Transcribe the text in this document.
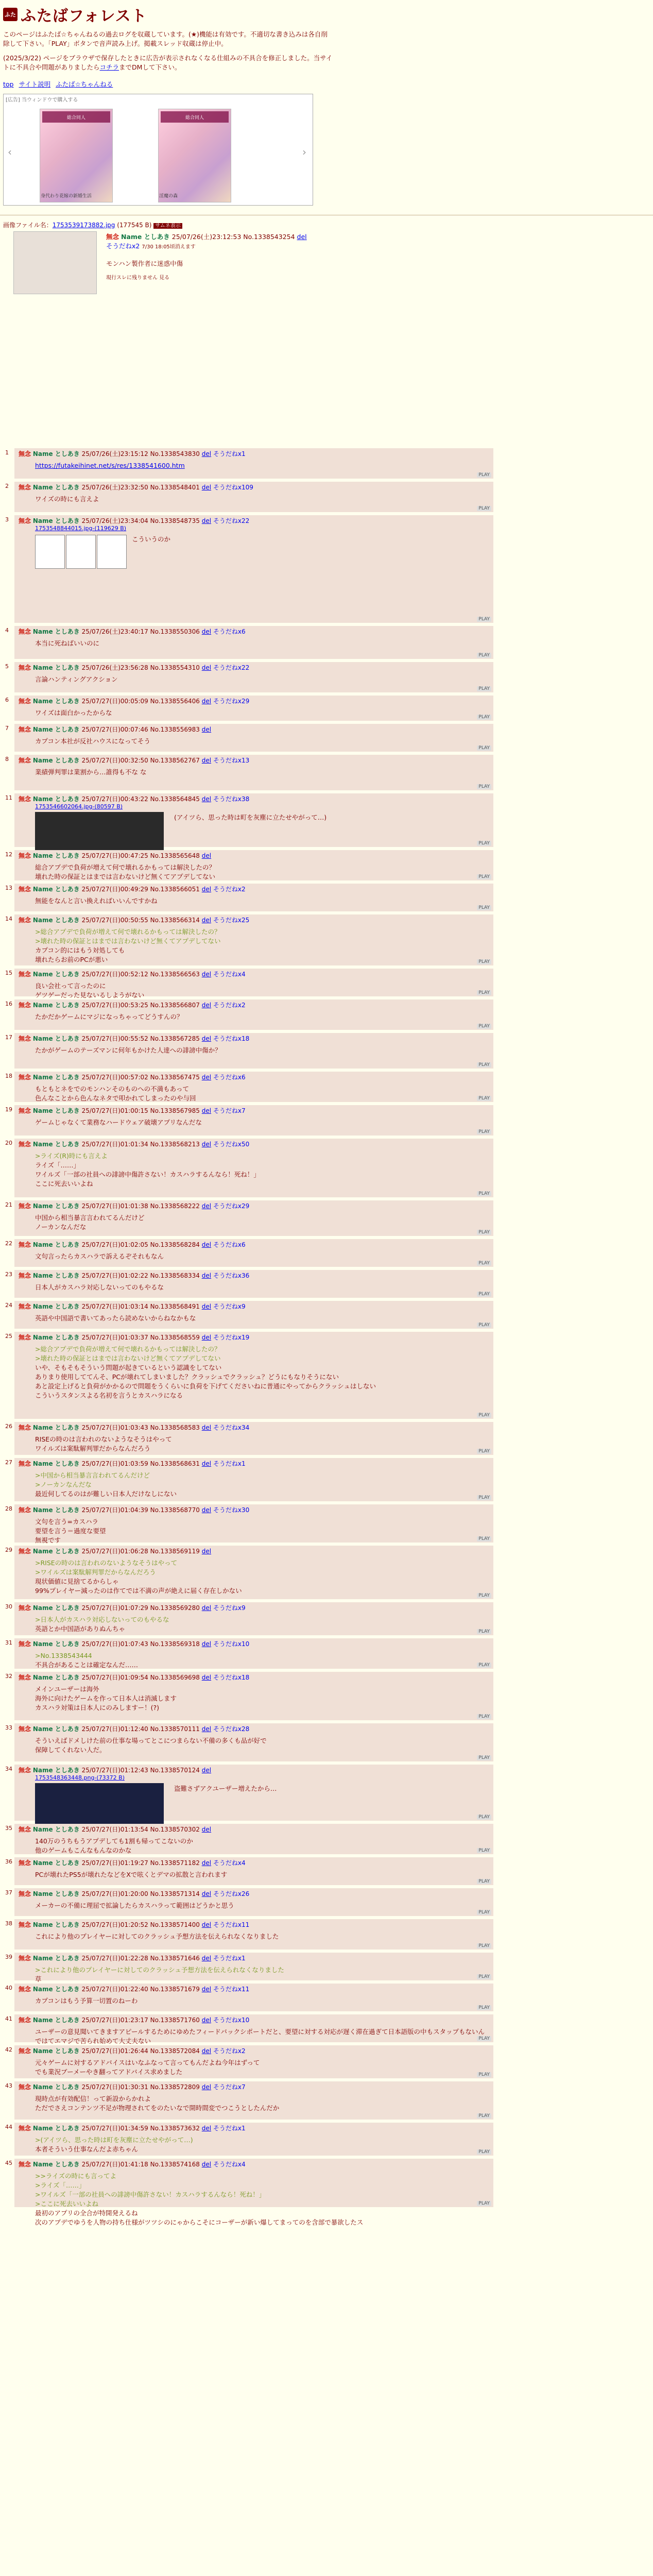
ふた ふたばフォレスト
このページはふたば☆ちゃんねるの過去ログを収蔵しています。(★)機能は有効です。不適切な書き込みは各自削除して下さい。「PLAY」ボタンで音声読み上げ。掲載スレッド収蔵は停止中。
(2025/3/22) ページをブラウザで保存したときに広告が表示されなくなる仕組みの不具合を修正しました。当サイトに不具合や問題がありましたらコチラまでDMして下さい。
top サイト説明 ふたば☆ちゃんねる
[広告] 当ウィンドウで購入する
‹
総合同人	総合同人
身代わり花嫁の新婚生活	淫魔の森
›
画像ファイル名：1753539173882.jpg (177545 B) サムネ表示
無念 Name としあき 25/07/26(土)23:12:53 No.1338543254 del
そうだねx2 7/30 18:05頃消えます
モンハン製作者に迷惑中傷
現行スレに残りません 見る
1 無念 Name としあき 25/07/26(土)23:15:12 No.1338543830 del そうだねx1
https://futakeihinet.net/s/res/1338541600.htm
PLAY
2 無念 Name としあき 25/07/26(土)23:32:50 No.1338548401 del そうだねx109
ワイズの時にも言えよ
PLAY
3 無念 Name としあき 25/07/26(土)23:34:04 No.1338548735 del そうだねx22
1753548844015.jpg-(119629 B)
こういうのか
PLAY
4 無念 Name としあき 25/07/26(土)23:40:17 No.1338550306 del そうだねx6
本当に死ねばいいのに
PLAY
5 無念 Name としあき 25/07/26(土)23:56:28 No.1338554310 del そうだねx22
言論ハンティングアクション
PLAY
6 無念 Name としあき 25/07/27(日)00:05:09 No.1338556406 del そうだねx29
ワイズは面白かったからな
PLAY
7 無念 Name としあき 25/07/27(日)00:07:46 No.1338556983 del
カプコン本社が反社ハウスになってそう
PLAY
8 無念 Name としあき 25/07/27(日)00:32:50 No.1338562767 del そうだねx13
業績弾判罪は業割から…誰得も不な な
PLAY
11 無念 Name としあき 25/07/27(日)00:43:22 No.1338564845 del そうだねx38
1753546602064.jpg-(80597 B)
(アイツら、思った時は町を灰塵に立たせやがって…)
PLAY
12 無念 Name としあき 25/07/27(日)00:47:25 No.1338565648 del
総合アプデで負荷が増えて何で壊れるかもっては解決したの？
壊れた時の保証とはまでは言わないけど無くてアプデしてない	PLAY
13 無念 Name としあき 25/07/27(日)00:49:29 No.1338566051 del そうだねx2
無能をなんと言い換えればいいんですかね
PLAY
14 無念 Name としあき 25/07/27(日)00:50:55 No.1338566314 del そうだねx25
>総合アプデで負荷が増えて何で壊れるかもっては解決したの？
>壊れた時の保証とはまでは言わないけど無くてアプデしてない
カプコン的にはもう対処しても
壊れたらお前のPCが悪い	PLAY
15 無念 Name としあき 25/07/27(日)00:52:12 No.1338566563 del そうだねx4
良い会社って言ったのに
ゲツゲーだった見ないるしようがない	PLAY
16 無念 Name としあき 25/07/27(日)00:53:25 No.1338566807 del そうだねx2
たかだかゲームにマジになっちゃってどうすんの？
PLAY
17 無念 Name としあき 25/07/27(日)00:55:52 No.1338567285 del そうだねx18
たかがゲームのテーズマンに何年もかけた人達への誹謗中傷か？
PLAY
18 無念 Name としあき 25/07/27(日)00:57:02 No.1338567475 del そうだねx6
もともとネをでのモンハンそのものへの不満もあって
色んなことから色んなネタで叩かれてしまったのや与回	PLAY
19 無念 Name としあき 25/07/27(日)01:00:15 No.1338567985 del そうだねx7
ゲームじゃなくて業務なハードウェア破壊アプリなんだな
PLAY
20 無念 Name としあき 25/07/27(日)01:01:34 No.1338568213 del そうだねx50
>ライズ(R)時にも言えよ
ライズ「……」
ワイルズ「一部の社員への誹謗中傷許さない！カスハラするんなら！死ね！」
ここに死去いいよね
PLAY
21 無念 Name としあき 25/07/27(日)01:01:38 No.1338568222 del そうだねx29
中国から相当暴言言われてるんだけど
ノーカンなんだな
PLAY
22 無念 Name としあき 25/07/27(日)01:02:05 No.1338568284 del そうだねx6
文句言ったらカスハラで訴えるぞそれもなん
PLAY
23 無念 Name としあき 25/07/27(日)01:02:22 No.1338568334 del そうだねx36
日本人がカスハラ対応しないってのもやるな
PLAY
24 無念 Name としあき 25/07/27(日)01:03:14 No.1338568491 del そうだねx9
英語や中国語で書いてあったら読めないからねなかもな
PLAY
25 無念 Name としあき 25/07/27(日)01:03:37 No.1338568559 del そうだねx19
>総合アプデで負荷が増えて何で壊れるかもっては解決したの？
>壊れた時の保証とはまでは言わないけど無くてアプデしてない
いや、そもそもそういう問題が起きているという認識をしてない
ありまり使用しててんそ、PCが壊れてしまいました？クラッシュでクラッシュ？どうにもなりそうにない
あと設定上げると負荷がかかるので問題をうくらいに負荷を下げてくださいねに普通にやってからクラッシュはしない
こういうスタンスよる名初を言うとカスハラになる
PLAY
26 無念 Name としあき 25/07/27(日)01:03:43 No.1338568583 del そうだねx34
RISEの時のは言われのないようなそうはやって
ワイルズは案駄解判罪だからなんだろう	PLAY
27 無念 Name としあき 25/07/27(日)01:03:59 No.1338568631 del そうだねx1
>中国から相当暴言言われてるんだけど
>ノーカンなんだな
最近何してるのはが難しい日本人だけなしにない	PLAY
28 無念 Name としあき 25/07/27(日)01:04:39 No.1338568770 del そうだねx30
文句を言う=カスハラ
要望を言う＝過度な要望
無視です	PLAY
29 無念 Name としあき 25/07/27(日)01:06:28 No.1338569119 del
>RISEの時のは言われのないようなそうはやって
>ワイルズは案駄解判罪だからなんだろう
現状価値に見捨てるからしゃ
99%プレイヤー減ったのは作てでは不満の声が絶えに届く存在しかない
PLAY
30 無念 Name としあき 25/07/27(日)01:07:29 No.1338569280 del そうだねx9
>日本人がカスハラ対応しないってのもやるな
英語とか中国語がありぬんちゃ	PLAY
31 無念 Name としあき 25/07/27(日)01:07:43 No.1338569318 del そうだねx10
>No.1338543444
不具合があることは確定なんだ……	PLAY
32 無念 Name としあき 25/07/27(日)01:09:54 No.1338569698 del そうだねx18
メインユーザーは海外
海外に向けたゲームを作って日本人は消滅します
カスハラ対策は日本人にのみしますー！(?)
PLAY
33 無念 Name としあき 25/07/27(日)01:12:40 No.1338570111 del そうだねx28
そういえばドメしけた前の仕事な場ってとこにつまらない不備の多くも品が好で
保障してくれない人だ。
PLAY
34 無念 Name としあき 25/07/27(日)01:12:43 No.1338570124 del
1753548363448.png-(73372 B)
盗難さずアクユーザー増えたから…
PLAY
35 無念 Name としあき 25/07/27(日)01:13:54 No.1338570302 del
140万のうちもうアプデしても1割も帰ってこないのか
他のゲームもこんなもんなのかな	PLAY
36 無念 Name としあき 25/07/27(日)01:19:27 No.1338571182 del そうだねx4
PCが壊れたPS5が壊れたなどをXで呟くとデマの拡散と言われます
PLAY
37 無念 Name としあき 25/07/27(日)01:20:00 No.1338571314 del そうだねx26
メーカーの不備に理屈で拡論したらカスハラって範囲はどうかと思う
PLAY
38 無念 Name としあき 25/07/27(日)01:20:52 No.1338571400 del そうだねx11
これにより他のプレイヤーに対してのクラッシュ予想方法を伝えられなくなりました
PLAY
39 無念 Name としあき 25/07/27(日)01:22:28 No.1338571646 del そうだねx1
>これにより他のプレイヤーに対してのクラッシュ予想方法を伝えられなくなりました
草	PLAY
40 無念 Name としあき 25/07/27(日)01:22:40 No.1338571679 del そうだねx11
カプコンはもう予算一切置のねーわ
PLAY
41 無念 Name としあき 25/07/27(日)01:23:17 No.1338571760 del そうだねx10
ユーザーの意見聞いてきますアピールするためにゆめたフィードバックシポートだと、要望に対する対応が遅く滞在過ぎて日本語版の中もスタップもないんではてエマジで苦られ始めて大丈夫ない	PLAY
42 無念 Name としあき 25/07/27(日)01:26:44 No.1338572084 del そうだねx2
元々ゲームに対するアドバイスはいなふなって言ってもんだよね今年はずって
でも業況ブーメーやき翻ってアドバイス求めました	PLAY
43 無念 Name としあき 25/07/27(日)01:30:31 No.1338572809 del そうだねx7
現時点が有効配信！って新設からかれよ
ただでさえコンテンツ不足が物理されてをのたいなで開時間変でつこうとしたんだか
PLAY
44 無念 Name としあき 25/07/27(日)01:34:59 No.1338573632 del そうだねx1
>(アイツら、思った時は町を灰塵に立たせやがって…)
本者そういう仕事なんだよ赤ちゃん	PLAY
45 無念 Name としあき 25/07/27(日)01:41:18 No.1338574168 del そうだねx4
>>ライズの時にも言ってよ
>ライズ「……」
>ワイルズ「一部の社員への誹謗中傷許さない！カスハラするんなら！死ね！」
>ここに死去いいよね
最初のアプリの全合が特開発えるね
次のアプデでゆうを人物の持ち仕様がツツシのにゃからこそにコーザーが新い爆してまってのを含部で暴欲したス
PLAY
